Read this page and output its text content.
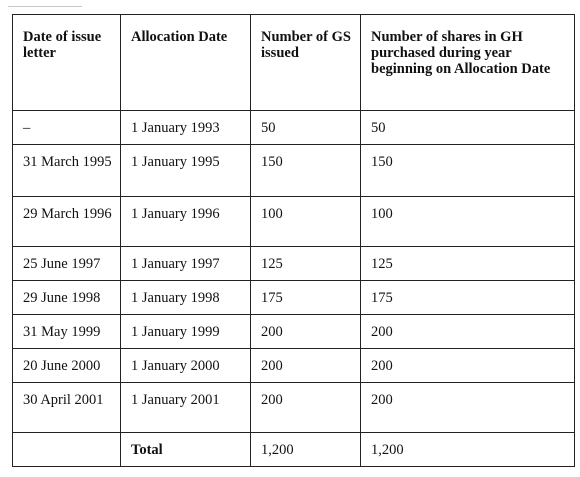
Date of issue letter	Allocation Date	Number of GS issued	Number of shares in GH purchased during year beginning on Allocation Date
–	1 January 1993	50	50
31 March 1995	1 January 1995	150	150
29 March 1996	1 January 1996	100	100
25 June 1997	1 January 1997	125	125
29 June 1998	1 January 1998	175	175
31 May 1999	1 January 1999	200	200
20 June 2000	1 January 2000	200	200
30 April 2001	1 January 2001	200	200
	Total	1,200	1,200
